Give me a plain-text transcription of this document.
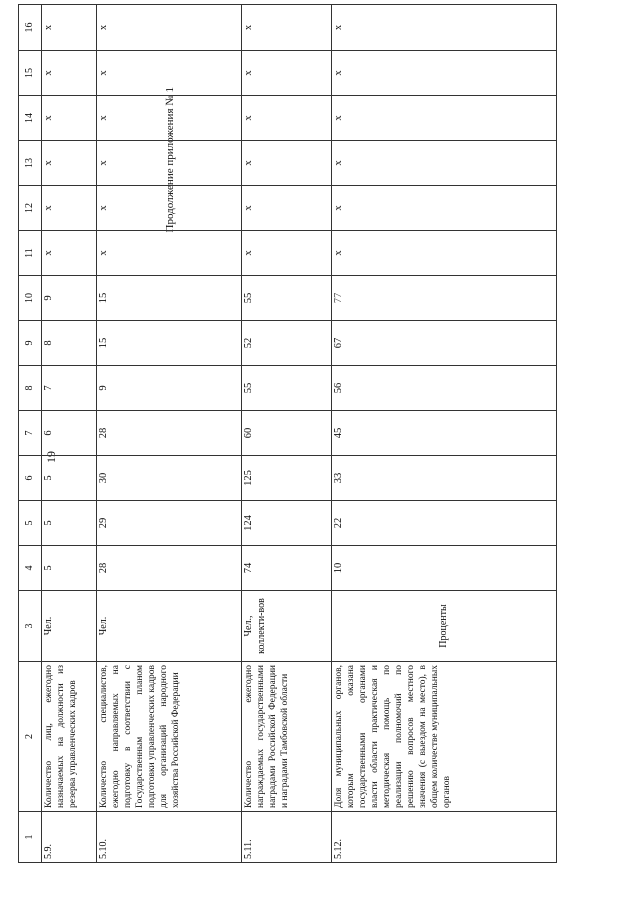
19
Продолжение приложения № 1
1	2	3	4	5	6	7	8	9	10	11	12	13	14	15	16
5.9.	Количество лиц, ежегодно назначаемых на должности из резерва управленческих кадров	Чел.	5	5	5	6	7	8	9	x	x	x	x	x	x
5.10.	Количество специалистов, ежегодно направляемых на подготовку в соответствии с Государственным планом подготовки управленческих кадров для организаций народного хозяйства Российской Федерации	Чел.	28	29	30	28	9	15	15	x	x	x	x	x	x
5.11.	Количество ежегодно награждаемых государственными наградами Российской Федерации и наградами Тамбовской области	Чел., коллекти-вов	74	124	125	60	55	52	55	x	x	x	x	x	x
5.12.	Доля муниципальных органов, которым оказана государственными органами власти области практическая и методическая помощь по реализации полномочий по решению вопросов местного значения (с выездом на место), в общем количестве муниципальных органов	Проценты	10	22	33	45	56	67	77	x	x	x	x	x	x
